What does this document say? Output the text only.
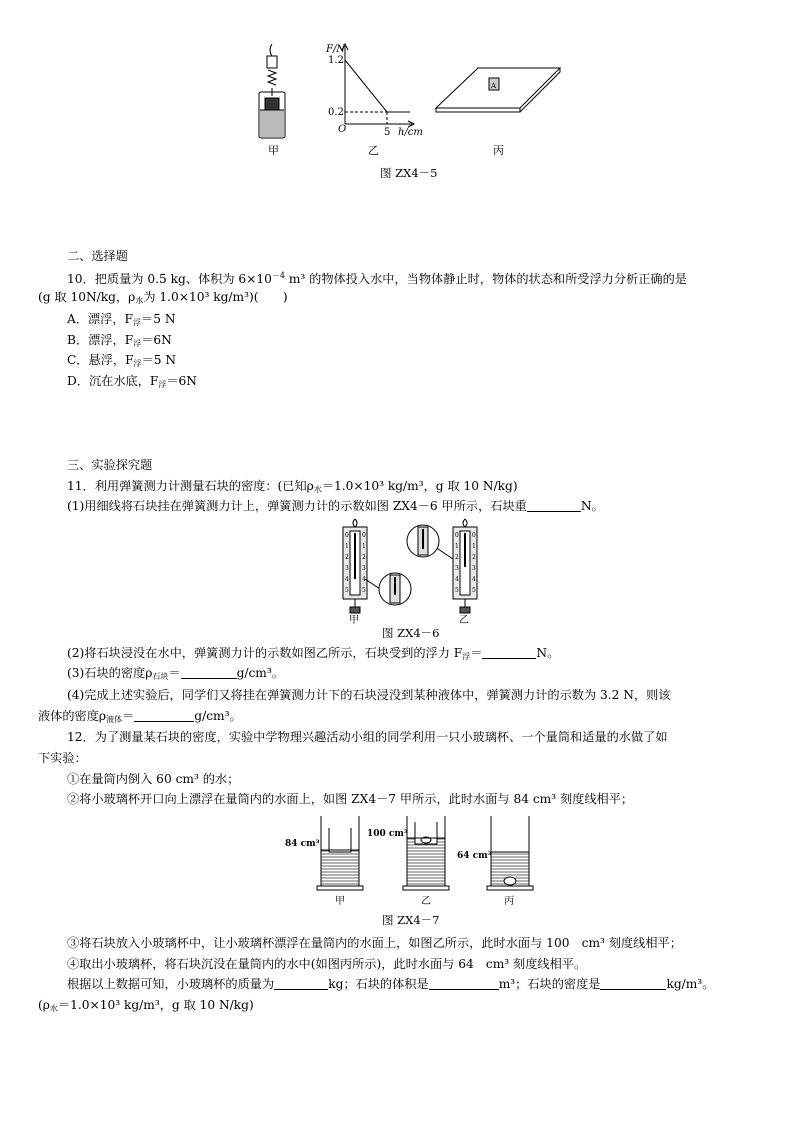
甲
F/N
1.2
0.2
O	5 h/cm
乙
A
丙
图 ZX4－5
二、选择题
10．把质量为 0.5 kg、体积为 $6\times 10^{-4}$ m³ 的物体投入水中，当物体静止时，物体的状态和所受浮力分析正确的是
(g 取 10N/kg，$\rho_水$为 1.0×10³ kg/m³)(　　)
A．漂浮，$F_浮=5$ N
B．漂浮，$F_浮=6N$
C．悬浮，$F_浮=5$ N
D．沉在水底，$F_浮=6N$
三、实验探究题
11．利用弹簧测力计测量石块的密度：(已知$\rho_水=1.0\times 10^3$ kg/m³，g 取 10 N/kg)
(1)用细线将石块挂在弹簧测力计上，弹簧测力计的示数如图 ZX4－6 甲所示，石块重	N。
0
1
2
3
4
5
0
1
2
3
4
5
0
1
2
3
4
5
0
1
2
3
4
5
甲	乙
图 ZX4－6
(2)将石块浸没在水中，弹簧测力计的示数如图乙所示，石块受到的浮力 $F_浮=$	N。
(3)石块的密度$\rho_{石块}=$	g/cm³。
(4)完成上述实验后，同学们又将挂在弹簧测力计下的石块浸没到某种液体中，弹簧测力计的示数为 3.2 N，则该
液体的密度$\rho_{液体}=$	g/cm³。
12．为了测量某石块的密度，实验中学物理兴趣活动小组的同学利用一只小玻璃杯、一个量筒和适量的水做了如
下实验：
①在量筒内倒入 60 cm³ 的水；
②将小玻璃杯开口向上漂浮在量筒内的水面上，如图 ZX4－7 甲所示，此时水面与 84 cm³ 刻度线相平；
84 cm³
甲
100 cm³
乙
64 cm³
丙
图 ZX4－7
③将石块放入小玻璃杯中，让小玻璃杯漂浮在量筒内的水面上，如图乙所示，此时水面与 100　cm³ 刻度线相平；
④取出小玻璃杯，将石块沉没在量筒内的水中(如图丙所示)，此时水面与 64　cm³ 刻度线相平。
根据以上数据可知，小玻璃杯的质量为	kg；石块的体积是	m³；石块的密度是	kg/m³。
($\rho_水=1.0\times 10^3$ kg/m³，g 取 10 N/kg)
